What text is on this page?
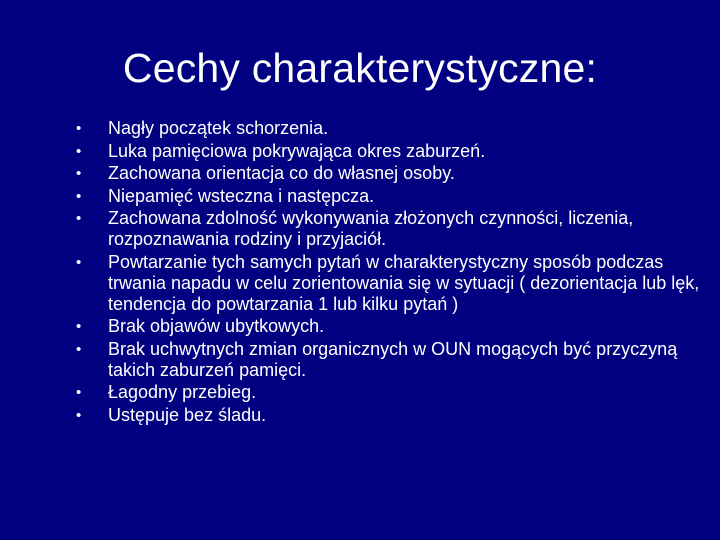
Cechy charakterystyczne:
•	Nagły początek schorzenia.
•	Luka pamięciowa pokrywająca okres zaburzeń.
•	Zachowana orientacja co do własnej osoby.
•	Niepamięć wsteczna i następcza.
•	Zachowana zdolność wykonywania złożonych czynności, liczenia, rozpoznawania rodziny i przyjaciół.
•	Powtarzanie tych samych pytań w charakterystyczny sposób podczas trwania napadu w celu zorientowania się w sytuacji ( dezorientacja lub lęk, tendencja do powtarzania 1 lub kilku pytań )
•	Brak objawów ubytkowych.
•	Brak uchwytnych zmian organicznych w OUN mogących być przyczyną takich zaburzeń pamięci.
•	Łagodny przebieg.
•	Ustępuje bez śladu.
